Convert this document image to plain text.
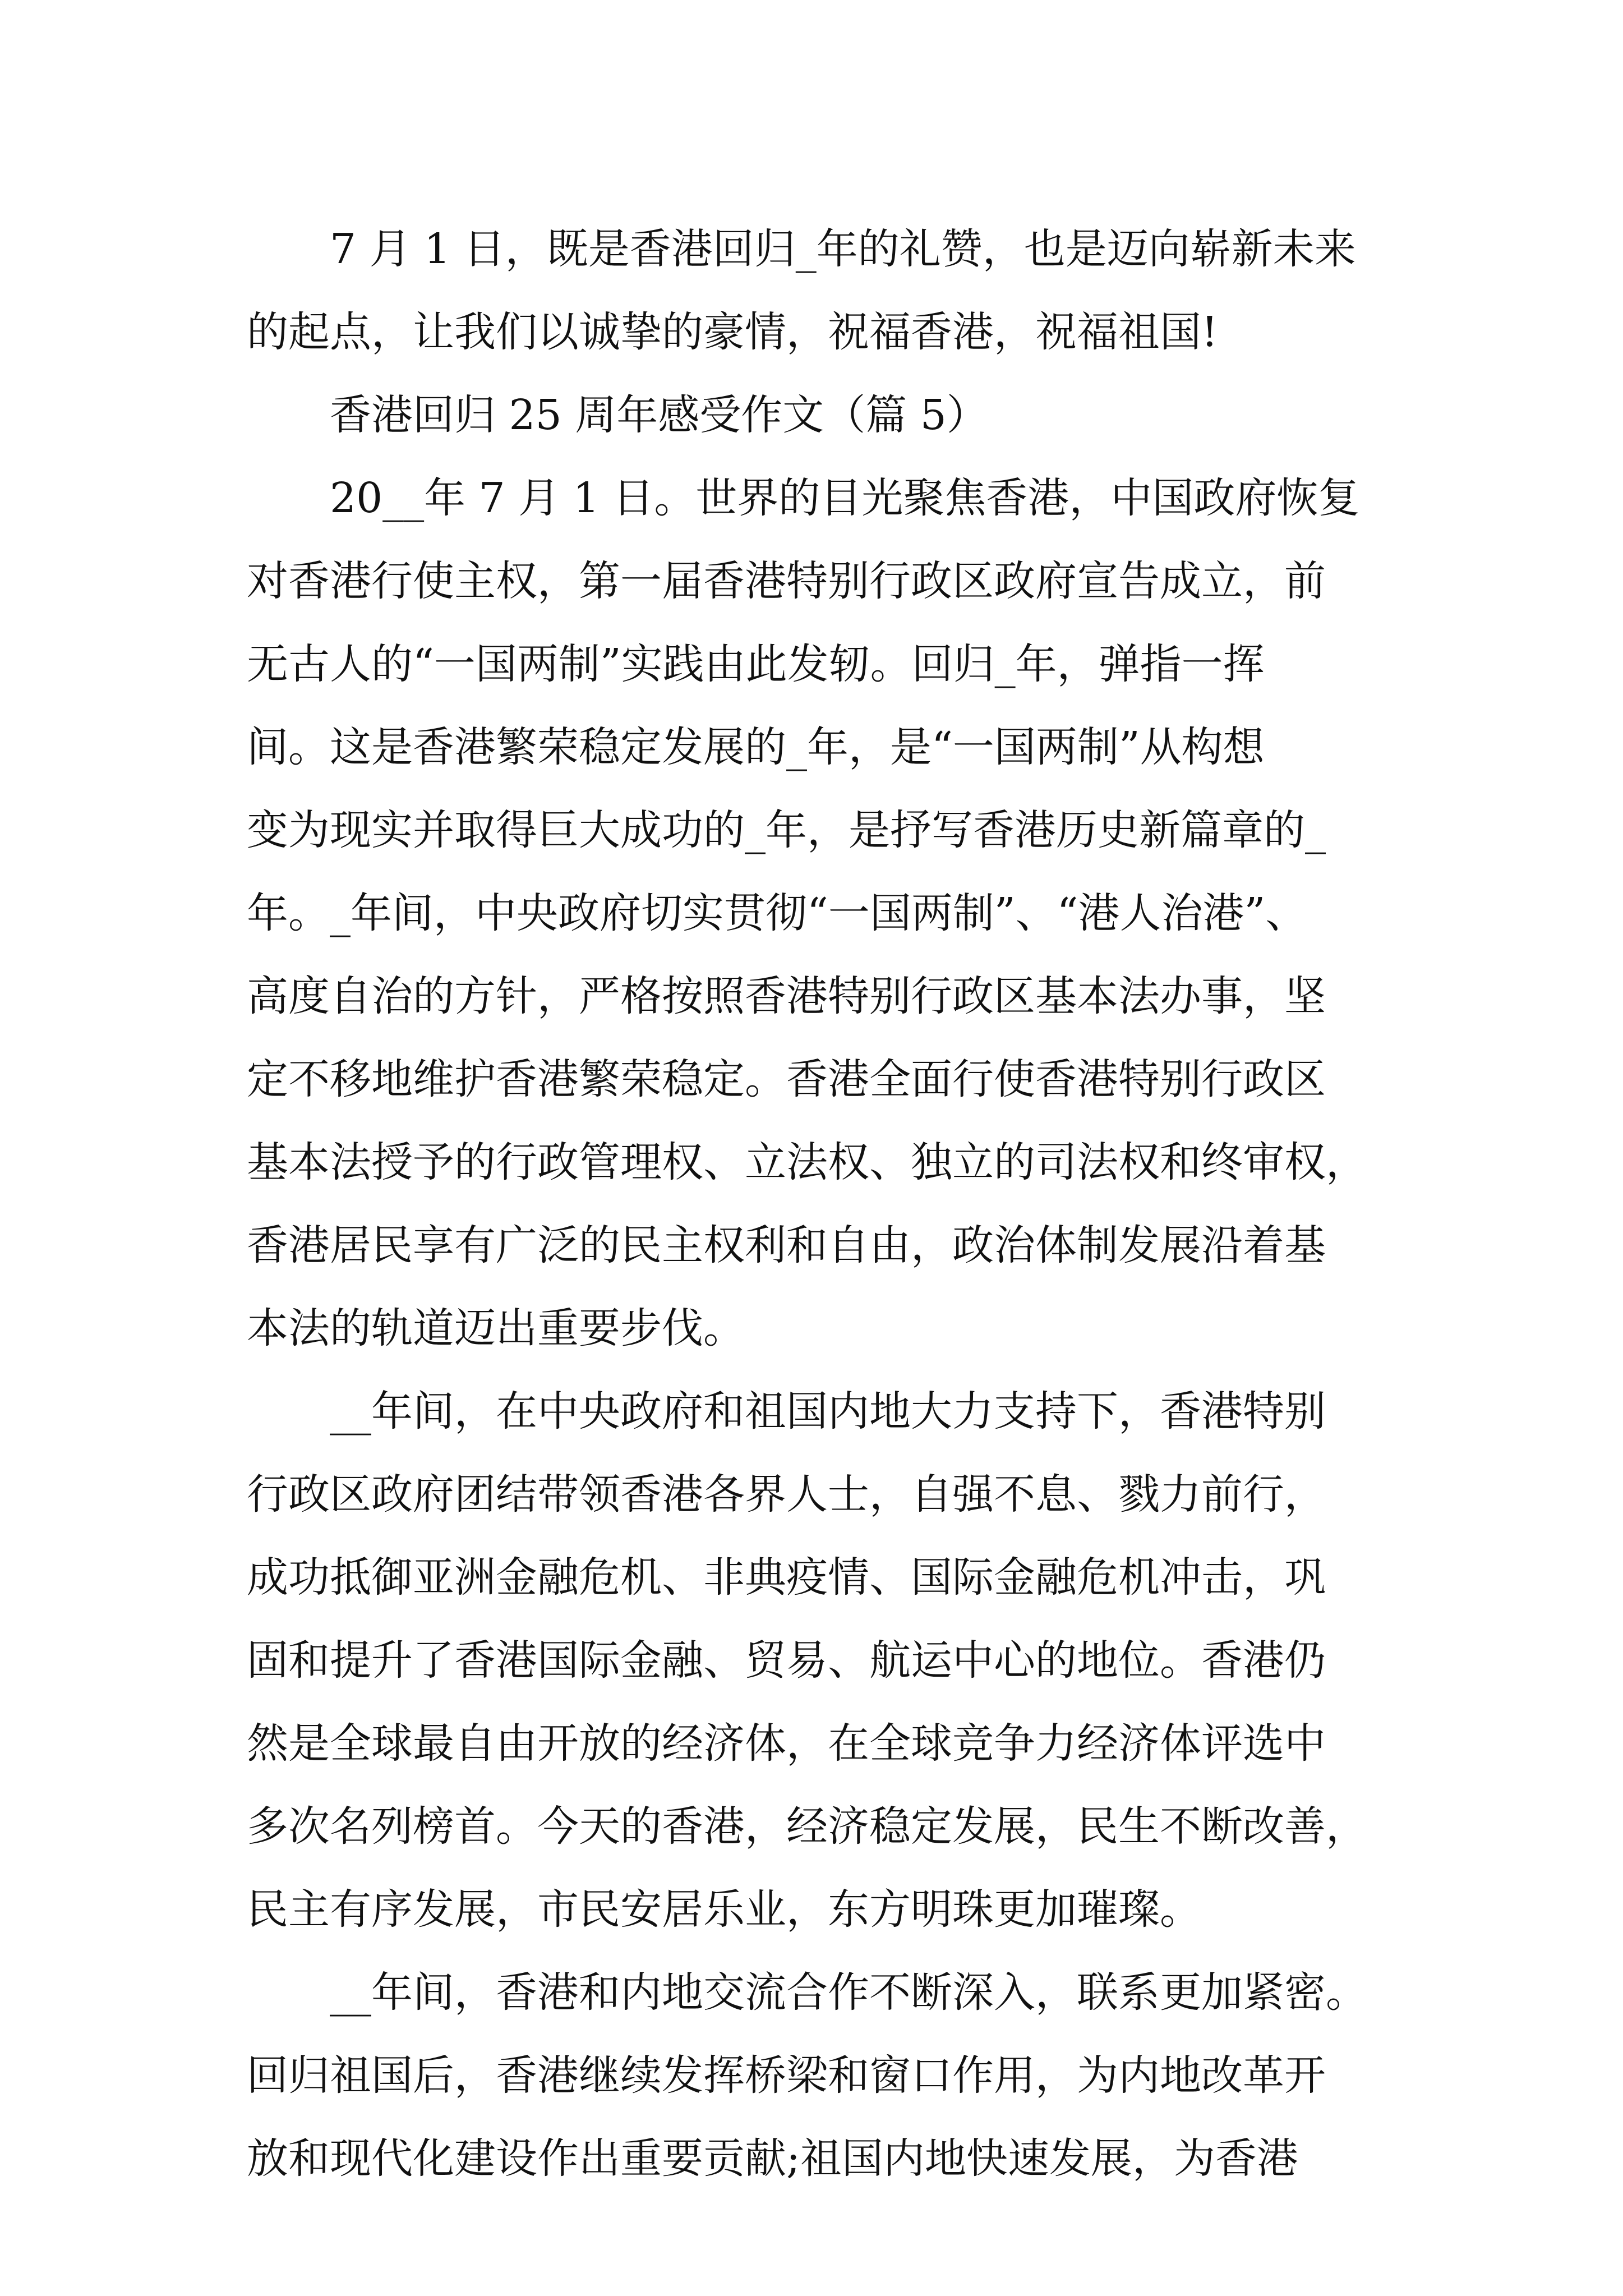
7 月 1 日，既是香港回归_年的礼赞，也是迈向崭新未来
的起点，让我们以诚挚的豪情，祝福香港，祝福祖国!
香港回归 25 周年感受作文（篇 5）
20__年 7 月 1 日。世界的目光聚焦香港，中国政府恢复
对香港行使主权，第一届香港特别行政区政府宣告成立，前
无古人的“一国两制”实践由此发轫。回归_年，弹指一挥
间。这是香港繁荣稳定发展的_年，是“一国两制”从构想
变为现实并取得巨大成功的_年，是抒写香港历史新篇章的_
年。_年间，中央政府切实贯彻“一国两制”、“港人治港”、
高度自治的方针，严格按照香港特别行政区基本法办事，坚
定不移地维护香港繁荣稳定。香港全面行使香港特别行政区
基本法授予的行政管理权、立法权、独立的司法权和终审权，
香港居民享有广泛的民主权利和自由，政治体制发展沿着基
本法的轨道迈出重要步伐。
__年间，在中央政府和祖国内地大力支持下，香港特别
行政区政府团结带领香港各界人士，自强不息、戮力前行，
成功抵御亚洲金融危机、非典疫情、国际金融危机冲击，巩
固和提升了香港国际金融、贸易、航运中心的地位。香港仍
然是全球最自由开放的经济体，在全球竞争力经济体评选中
多次名列榜首。今天的香港，经济稳定发展，民生不断改善，
民主有序发展，市民安居乐业，东方明珠更加璀璨。
__年间，香港和内地交流合作不断深入，联系更加紧密。
回归祖国后，香港继续发挥桥梁和窗口作用，为内地改革开
放和现代化建设作出重要贡献;祖国内地快速发展，为香港
